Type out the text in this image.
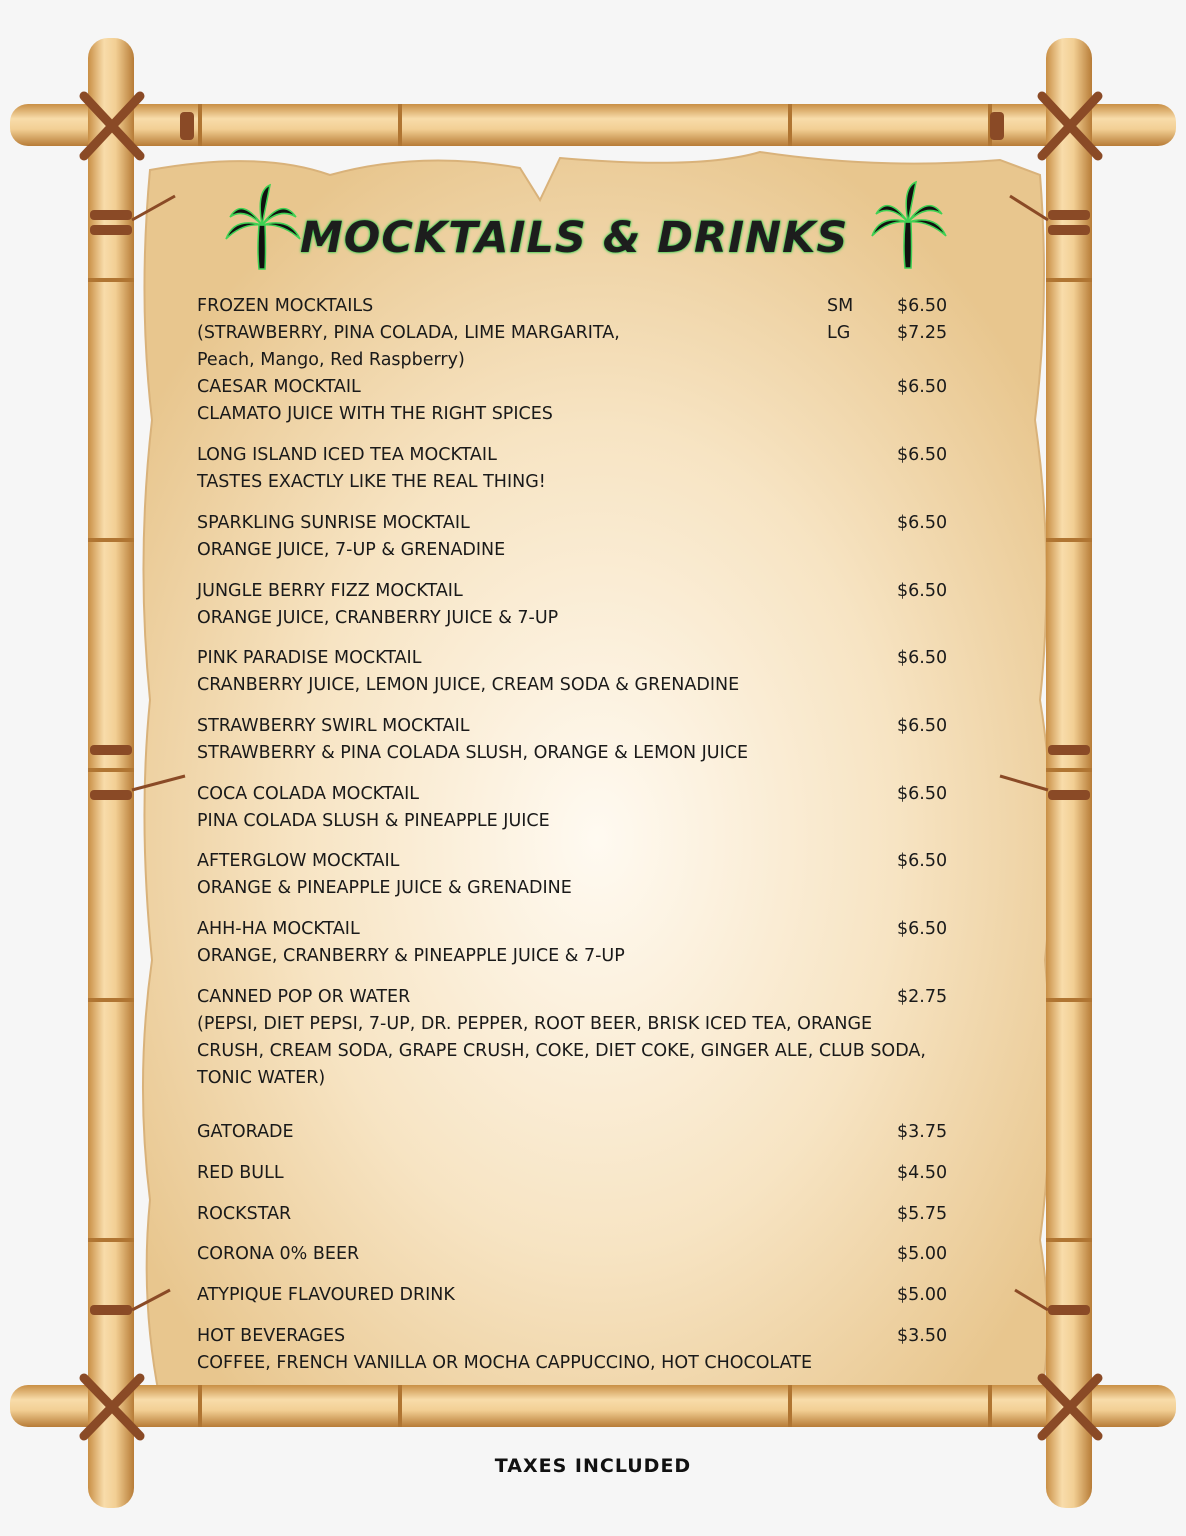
MOCKTAILS & DRINKS
FROZEN MOCKTAILS	SM	$6.50
(STRAWBERRY, PINA COLADA, LIME MARGARITA,	LG	$7.25
Peach, Mango, Red Raspberry)
CAESAR MOCKTAIL	$6.50
CLAMATO JUICE WITH THE RIGHT SPICES
LONG ISLAND ICED TEA MOCKTAIL	$6.50
TASTES EXACTLY LIKE THE REAL THING!
SPARKLING SUNRISE MOCKTAIL	$6.50
ORANGE JUICE, 7-UP & GRENADINE
JUNGLE BERRY FIZZ MOCKTAIL	$6.50
ORANGE JUICE, CRANBERRY JUICE & 7-UP
PINK PARADISE MOCKTAIL	$6.50
CRANBERRY JUICE, LEMON JUICE, CREAM SODA & GRENADINE
STRAWBERRY SWIRL MOCKTAIL	$6.50
STRAWBERRY & PINA COLADA SLUSH, ORANGE & LEMON JUICE
COCA COLADA MOCKTAIL	$6.50
PINA COLADA SLUSH & PINEAPPLE JUICE
AFTERGLOW MOCKTAIL	$6.50
ORANGE & PINEAPPLE JUICE & GRENADINE
AHH-HA MOCKTAIL	$6.50
ORANGE, CRANBERRY & PINEAPPLE JUICE & 7-UP
CANNED POP OR WATER	$2.75
(PEPSI, DIET PEPSI, 7-UP, DR. PEPPER, ROOT BEER, BRISK ICED TEA, ORANGE
CRUSH, CREAM SODA, GRAPE CRUSH, COKE, DIET COKE, GINGER ALE, CLUB SODA,
TONIC WATER)
GATORADE	$3.75
RED BULL	$4.50
ROCKSTAR	$5.75
CORONA 0% BEER	$5.00
ATYPIQUE FLAVOURED DRINK	$5.00
HOT BEVERAGES	$3.50
COFFEE, FRENCH VANILLA OR MOCHA CAPPUCCINO, HOT CHOCOLATE
TAXES INCLUDED
